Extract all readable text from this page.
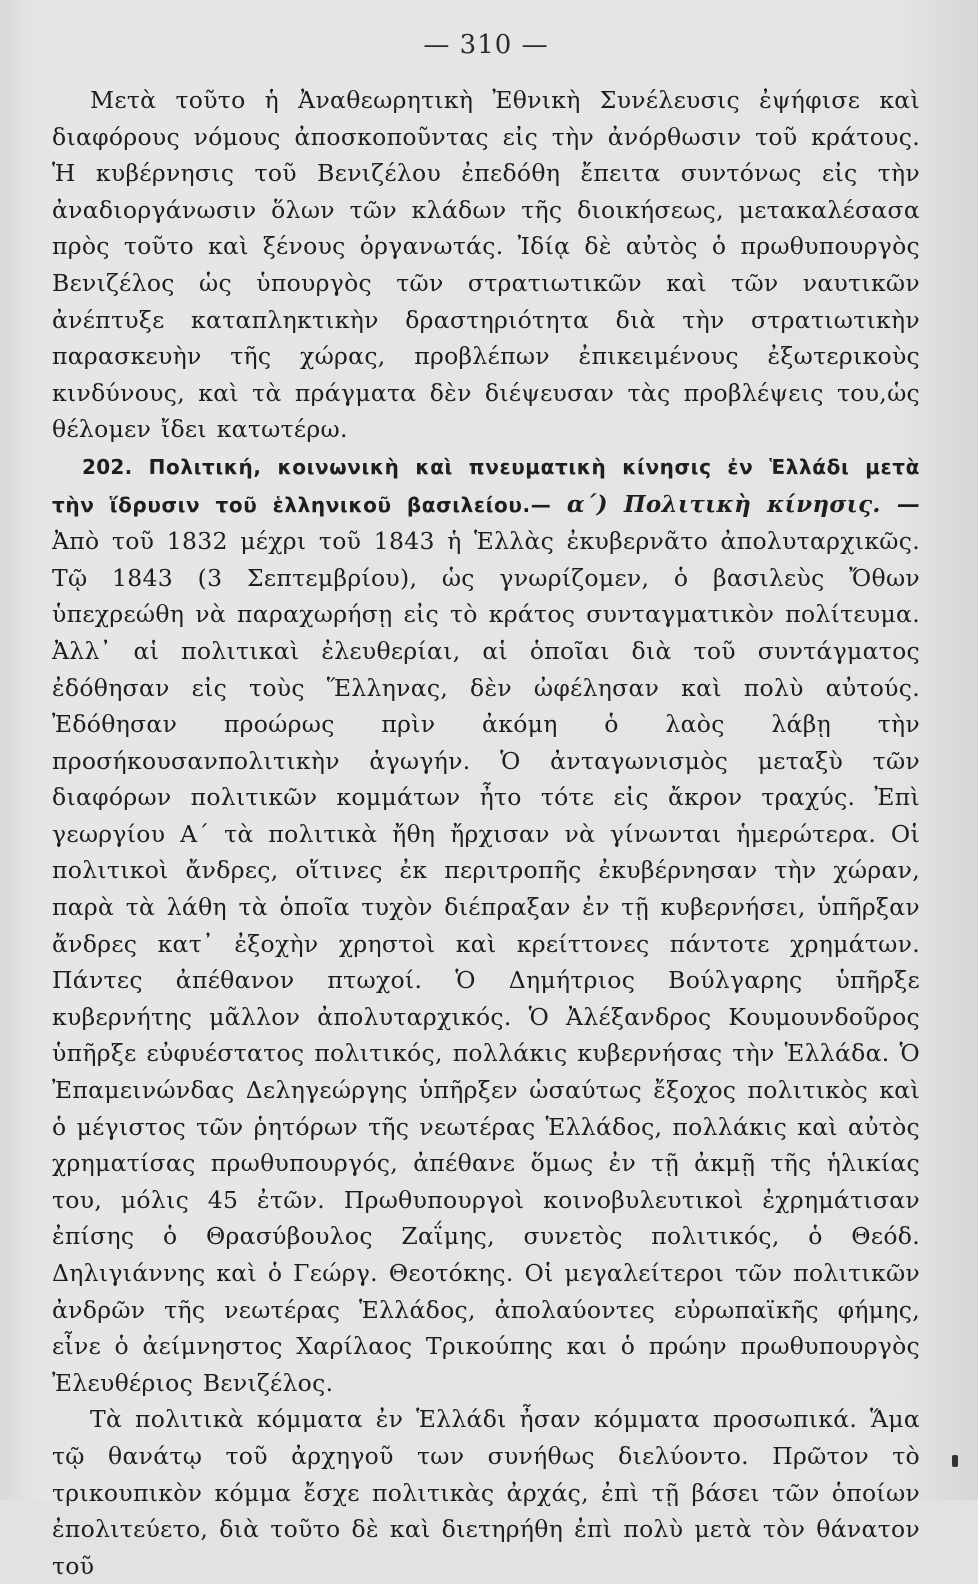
— 310 —

Μετὰ τοῦτο ἡ Ἀναθεωρητικὴ Ἐθνικὴ Συνέλευσις ἐψήφισε καὶ διαφόρους νόμους ἀποσκοποῦντας εἰς τὴν ἀνόρθωσιν τοῦ κράτους. Ἡ κυβέρνησις τοῦ Βενιζέλου ἐπεδόθη ἔπειτα συντόνως εἰς τὴν ἀναδιοργάνωσιν ὅλων τῶν κλάδων τῆς διοικήσεως, μετακαλέσασα πρὸς τοῦτο καὶ ξένους ὀργανωτάς. Ἰδίᾳ δὲ αὐτὸς ὁ πρωθυπουργὸς Βενιζέλος ὡς ὑπουργὸς τῶν στρατιωτικῶν καὶ τῶν ναυτικῶν ἀνέπτυξε καταπληκτικὴν δραστηριότητα διὰ τὴν στρατιωτικὴν παρασκευὴν τῆς χώρας, προβλέπων ἐπικειμένους ἐξωτερικοὺς κινδύνους, καὶ τὰ πράγματα δὲν διέψευσαν τὰς προβλέψεις του,ὡς θέλομεν ἴδει κατωτέρω.

202. Πολιτική, κοινωνικὴ καὶ πνευματικὴ κίνησις ἐν Ἑλλάδι μετὰ τὴν ἵδρυσιν τοῦ ἑλληνικοῦ βασιλείου.— α΄) Πολιτικὴ κίνησις. — Ἀπὸ τοῦ 1832 μέχρι τοῦ 1843 ἡ Ἑλλὰς ἐκυβερνᾶτο ἀπολυταρχικῶς. Τῷ 1843 (3 Σεπτεμβρίου), ὡς γνωρίζομεν, ὁ βασιλεὺς Ὄθων ὑπεχρεώθη νὰ παραχωρήσῃ εἰς τὸ κράτος συνταγματικὸν πολίτευμα. Ἀλλ᾽ αἱ πολιτικαὶ ἐλευθερίαι, αἱ ὁποῖαι διὰ τοῦ συντάγματος ἐδόθησαν εἰς τοὺς Ἕλληνας, δὲν ὠφέλησαν καὶ πολὺ αὐτούς. Ἐδόθησαν προώρως πρὶν ἀκόμη ὁ λαὸς λάβῃ τὴν προσήκουσανπολιτικὴν ἀγωγήν. Ὁ ἀνταγωνισμὸς μεταξὺ τῶν διαφόρων πολιτικῶν κομμάτων ἦτο τότε εἰς ἄκρον τραχύς. Ἐπὶ γεωργίου Α΄ τὰ πολιτικὰ ἤθη ἤρχισαν νὰ γίνωνται ἡμερώτερα. Οἱ πολιτικοὶ ἄνδρες, οἵτινες ἐκ περιτροπῆς ἐκυβέρνησαν τὴν χώραν, παρὰ τὰ λάθη τὰ ὁποῖα τυχὸν διέπραξαν ἐν τῇ κυβερνήσει, ὑπῆρξαν ἄνδρες κατ᾽ ἐξοχὴν χρηστοὶ καὶ κρείττονες πάντοτε χρημάτων. Πάντες ἀπέθανον πτωχοί. Ὁ Δημήτριος Βούλγαρης ὑπῆρξε κυβερνήτης μᾶλλον ἀπολυταρχικός. Ὁ Ἀλέξανδρος Κουμουνδοῦρος ὑπῆρξε εὐφυέστατος πολιτικός, πολλάκις κυβερνήσας τὴν Ἑλλάδα. Ὁ Ἐπαμεινώνδας Δεληγεώργης ὑπῆρξεν ὡσαύτως ἔξοχος πολιτικὸς καὶ ὁ μέγιστος τῶν ῥητόρων τῆς νεωτέρας Ἑλλάδος, πολλάκις καὶ αὐτὸς χρηματίσας πρωθυπουργός, ἀπέθανε ὅμως ἐν τῇ ἀκμῇ τῆς ἡλικίας του, μόλις 45 ἐτῶν. Πρωθυπουργοὶ κοινοβυλευτικοὶ ἐχρημάτισαν ἐπίσης ὁ Θρασύβουλος Ζαΐμης, συνετὸς πολιτικός, ὁ Θεόδ. Δηλιγιάννης καὶ ὁ Γεώργ. Θεοτόκης. Οἱ μεγαλείτεροι τῶν πολιτικῶν ἀνδρῶν τῆς νεωτέρας Ἑλλάδος, ἀπολαύοντες εὐρωπαϊκῆς φήμης, εἶνε ὁ ἀείμνηστος Χαρίλαος Τρικούπης και ὁ πρώην πρωθυπουργὸς Ἐλευθέριος Βενιζέλος.

Τὰ πολιτικὰ κόμματα ἐν Ἑλλάδι ἦσαν κόμματα προσωπικά. Ἅμα τῷ θανάτῳ τοῦ ἀρχηγοῦ των συνήθως διελύοντο. Πρῶτον τὸ τρικουπικὸν κόμμα ἔσχε πολιτικὰς ἀρχάς, ἐπὶ τῇ βάσει τῶν ὁποίων ἐπολιτεύετο, διὰ τοῦτο δὲ καὶ διετηρήθη ἐπὶ πολὺ μετὰ τὸν θάνατον τοῦ
